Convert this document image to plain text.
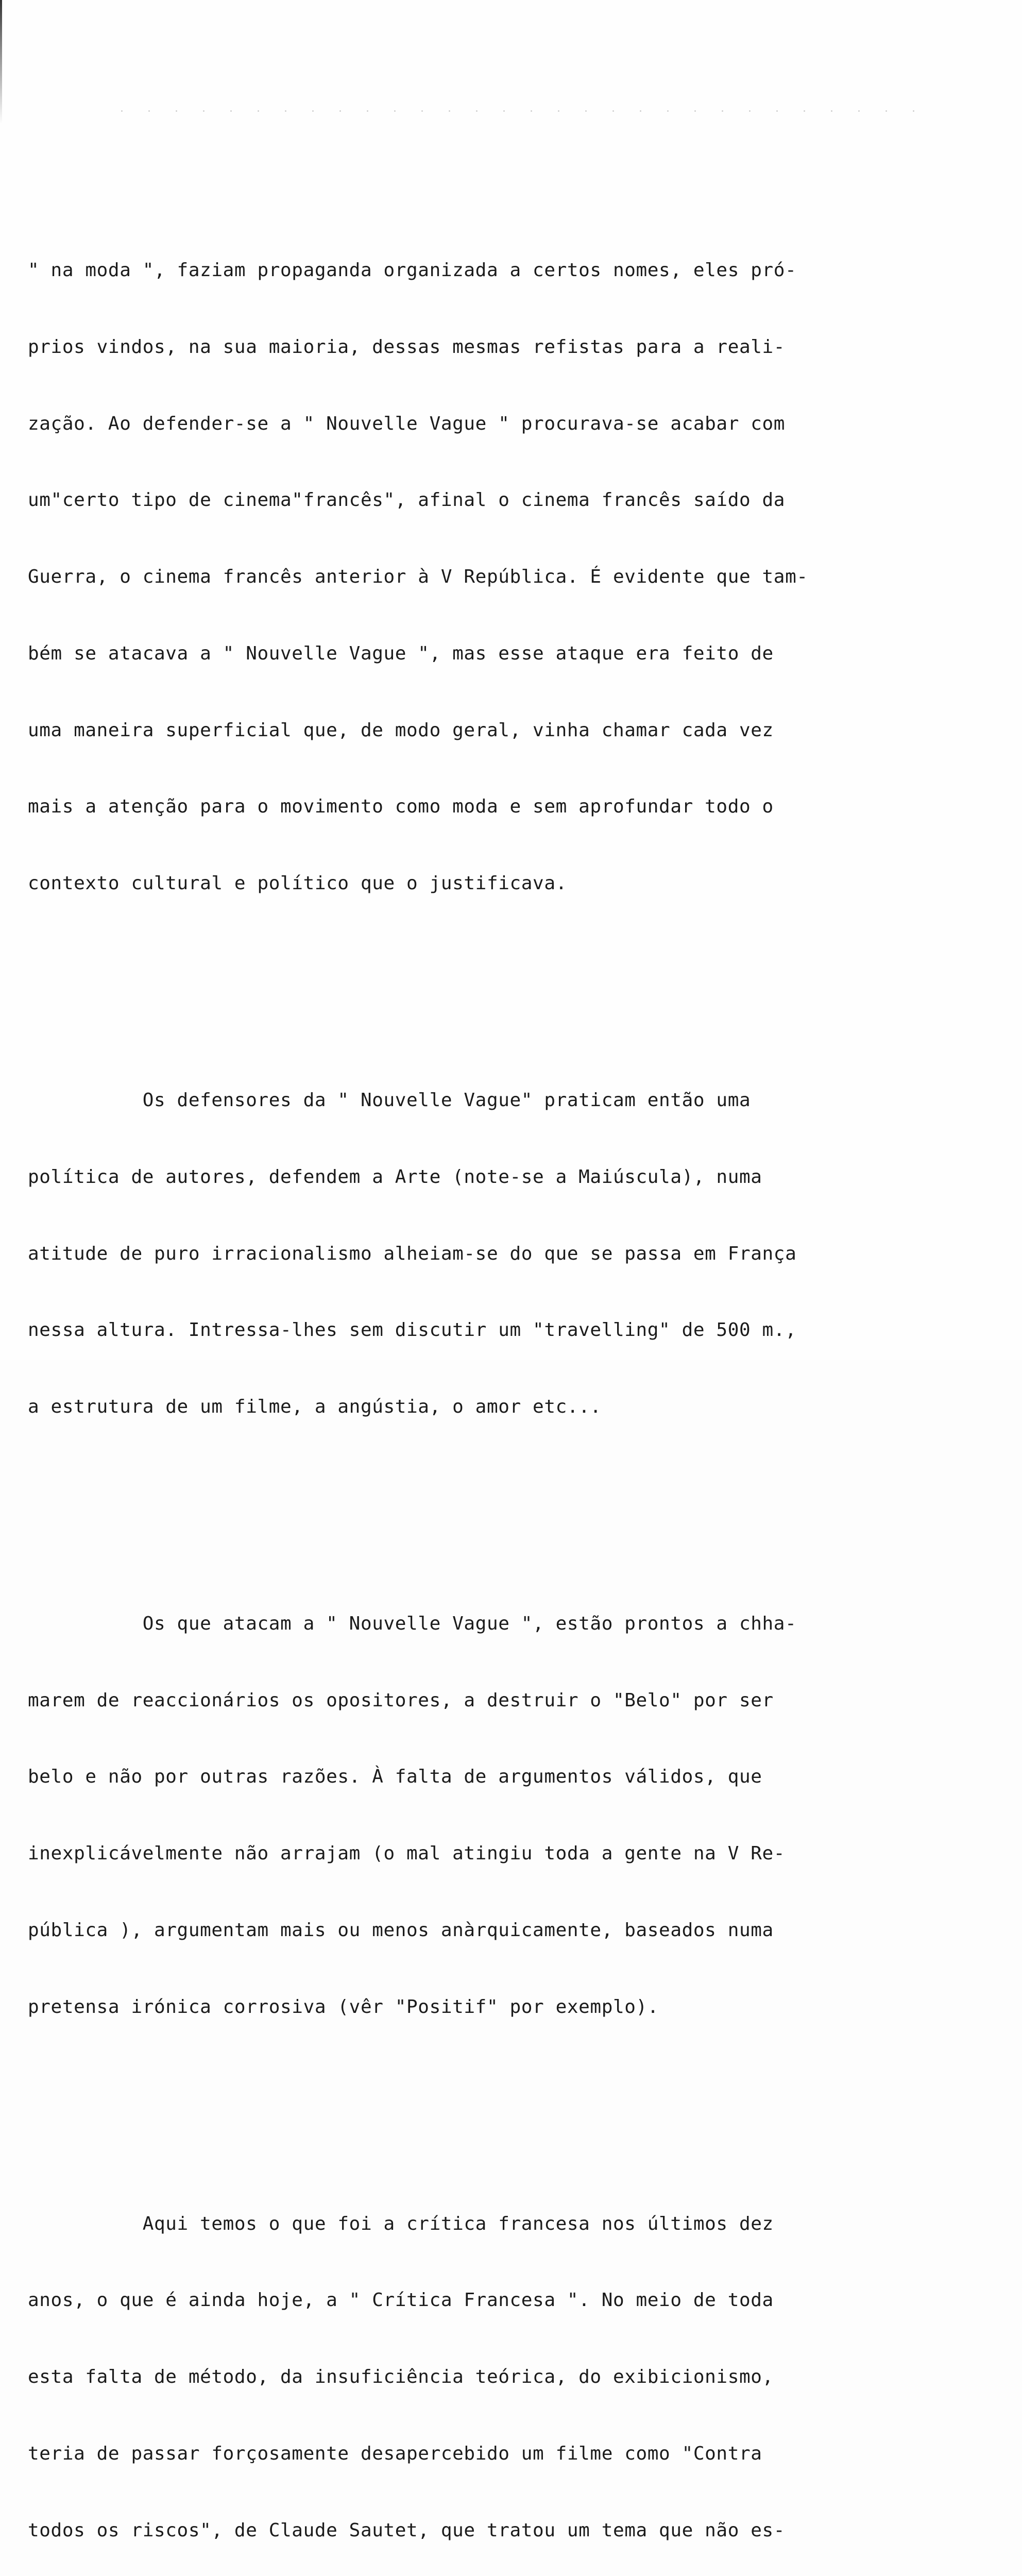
" na moda ", faziam propaganda organizada a certos nomes, eles pró-

prios vindos, na sua maioria, dessas mesmas refistas para a reali-

zação. Ao defender-se a " Nouvelle Vague " procurava-se acabar com

um"certo tipo de cinema"francês", afinal o cinema francês saído da

Guerra, o cinema francês anterior à V República. É evidente que tam-

bém se atacava a " Nouvelle Vague ", mas esse ataque era feito de

uma maneira superficial que, de modo geral, vinha chamar cada vez

mais a atenção para o movimento como moda e sem aprofundar todo o

contexto cultural e político que o justificava.

Os defensores da " Nouvelle Vague" praticam então uma

política de autores, defendem a Arte (note-se a Maiúscula), numa

atitude de puro irracionalismo alheiam-se do que se passa em França

nessa altura. Intressa-lhes sem discutir um "travelling" de 500 m.,

a estrutura de um filme, a angústia, o amor etc...

Os que atacam a " Nouvelle Vague ", estão prontos a chha-

marem de reaccionários os opositores, a destruir o "Belo" por ser

belo e não por outras razões. À falta de argumentos válidos, que

inexplicávelmente não arrajam (o mal atingiu toda a gente na V Re-

pública ), argumentam mais ou menos anàrquicamente, baseados numa

pretensa irónica corrosiva (vêr "Positif" por exemplo).

Aqui temos o que foi a crítica francesa nos últimos dez

anos, o que é ainda hoje, a " Crítica Francesa ". No meio de toda

esta falta de método, da insuficiência teórica, do exibicionismo,

teria de passar forçosamente desapercebido um filme como "Contra

todos os riscos", de Claude Sautet, que tratou um tema que não es-
